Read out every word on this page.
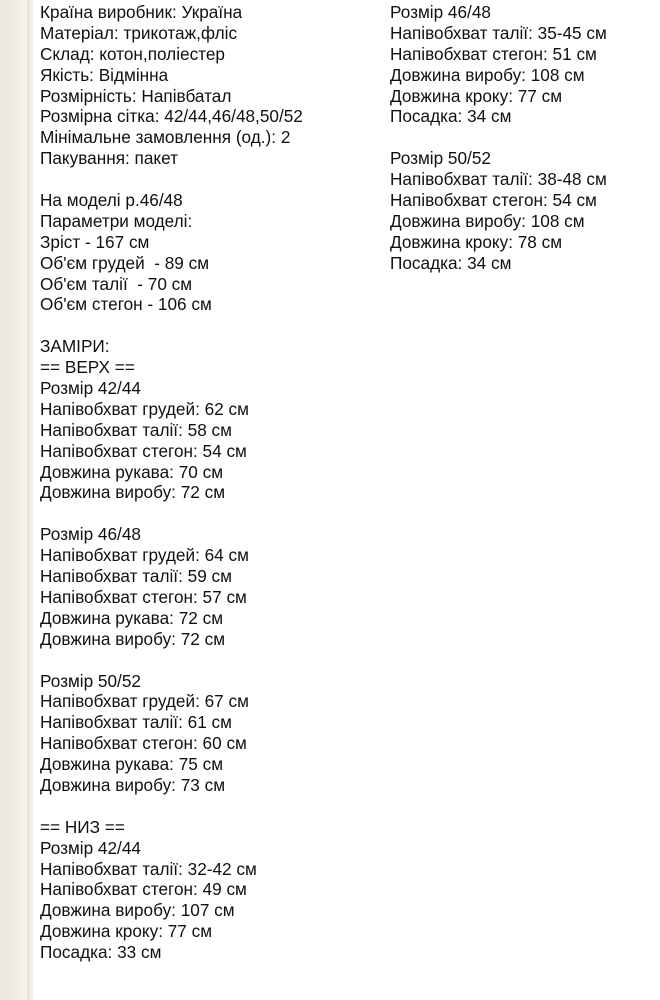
Країна виробник: Україна
Матеріал: трикотаж,фліс
Склад: котон,поліестер
Якість: Відмінна
Розмірність: Напівбатал
Розмірна сітка: 42/44,46/48,50/52
Мінімальне замовлення (од.): 2
Пакування: пакет
На моделі р.46/48
Параметри моделі:
Зріст - 167 см
Об'єм грудей  - 89 см
Об'єм талії  - 70 см
Об'єм стегон - 106 см
ЗАМІРИ:
== ВЕРХ ==
Розмір 42/44
Напівобхват грудей: 62 см
Напівобхват талії: 58 см
Напівобхват стегон: 54 см
Довжина рукава: 70 см
Довжина виробу: 72 см
Розмір 46/48
Напівобхват грудей: 64 см
Напівобхват талії: 59 см
Напівобхват стегон: 57 см
Довжина рукава: 72 см
Довжина виробу: 72 см
Розмір 50/52
Напівобхват грудей: 67 см
Напівобхват талії: 61 см
Напівобхват стегон: 60 см
Довжина рукава: 75 см
Довжина виробу: 73 см
== НИЗ ==
Розмір 42/44
Напівобхват талії: 32-42 см
Напівобхват стегон: 49 см
Довжина виробу: 107 см
Довжина кроку: 77 см
Посадка: 33 см
Розмір 46/48
Напівобхват талії: 35-45 см
Напівобхват стегон: 51 см
Довжина виробу: 108 см
Довжина кроку: 77 см
Посадка: 34 см
Розмір 50/52
Напівобхват талії: 38-48 см
Напівобхват стегон: 54 см
Довжина виробу: 108 см
Довжина кроку: 78 см
Посадка: 34 см
